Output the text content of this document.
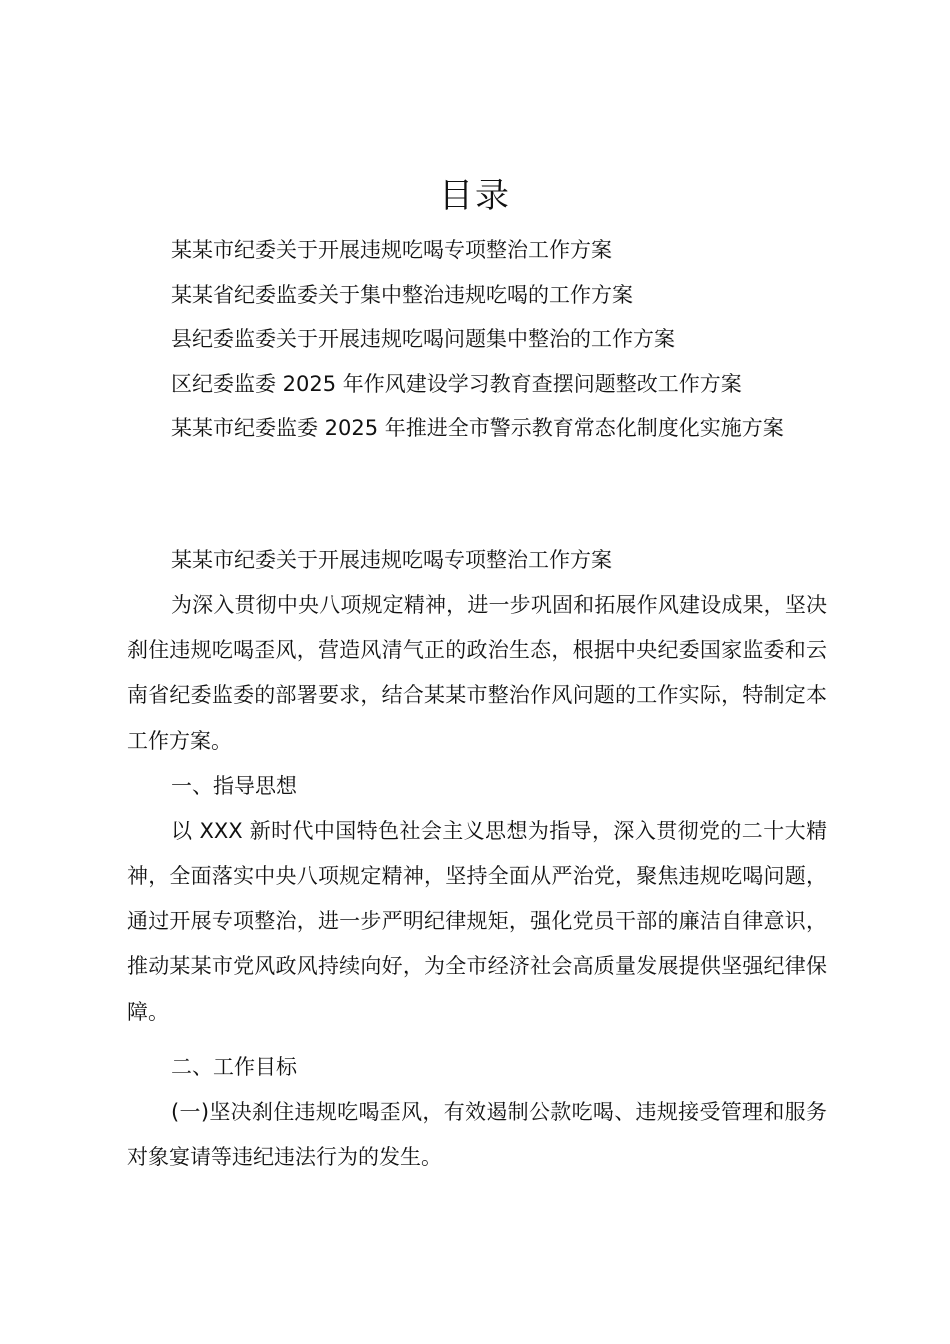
目录
某某市纪委关于开展违规吃喝专项整治工作方案
某某省纪委监委关于集中整治违规吃喝的工作方案
县纪委监委关于开展违规吃喝问题集中整治的工作方案
区纪委监委 2025 年作风建设学习教育查摆问题整改工作方案
某某市纪委监委 2025 年推进全市警示教育常态化制度化实施方案
某某市纪委关于开展违规吃喝专项整治工作方案

为深入贯彻中央八项规定精神，进一步巩固和拓展作风建设成果，坚决刹住违规吃喝歪风，营造风清气正的政治生态，根据中央纪委国家监委和云南省纪委监委的部署要求，结合某某市整治作风问题的工作实际，特制定本工作方案。

一、指导思想

以 XXX 新时代中国特色社会主义思想为指导，深入贯彻党的二十大精神，全面落实中央八项规定精神，坚持全面从严治党，聚焦违规吃喝问题，通过开展专项整治，进一步严明纪律规矩，强化党员干部的廉洁自律意识，推动某某市党风政风持续向好，为全市经济社会高质量发展提供坚强纪律保障。

二、工作目标

(一)坚决刹住违规吃喝歪风，有效遏制公款吃喝、违规接受管理和服务对象宴请等违纪违法行为的发生。
